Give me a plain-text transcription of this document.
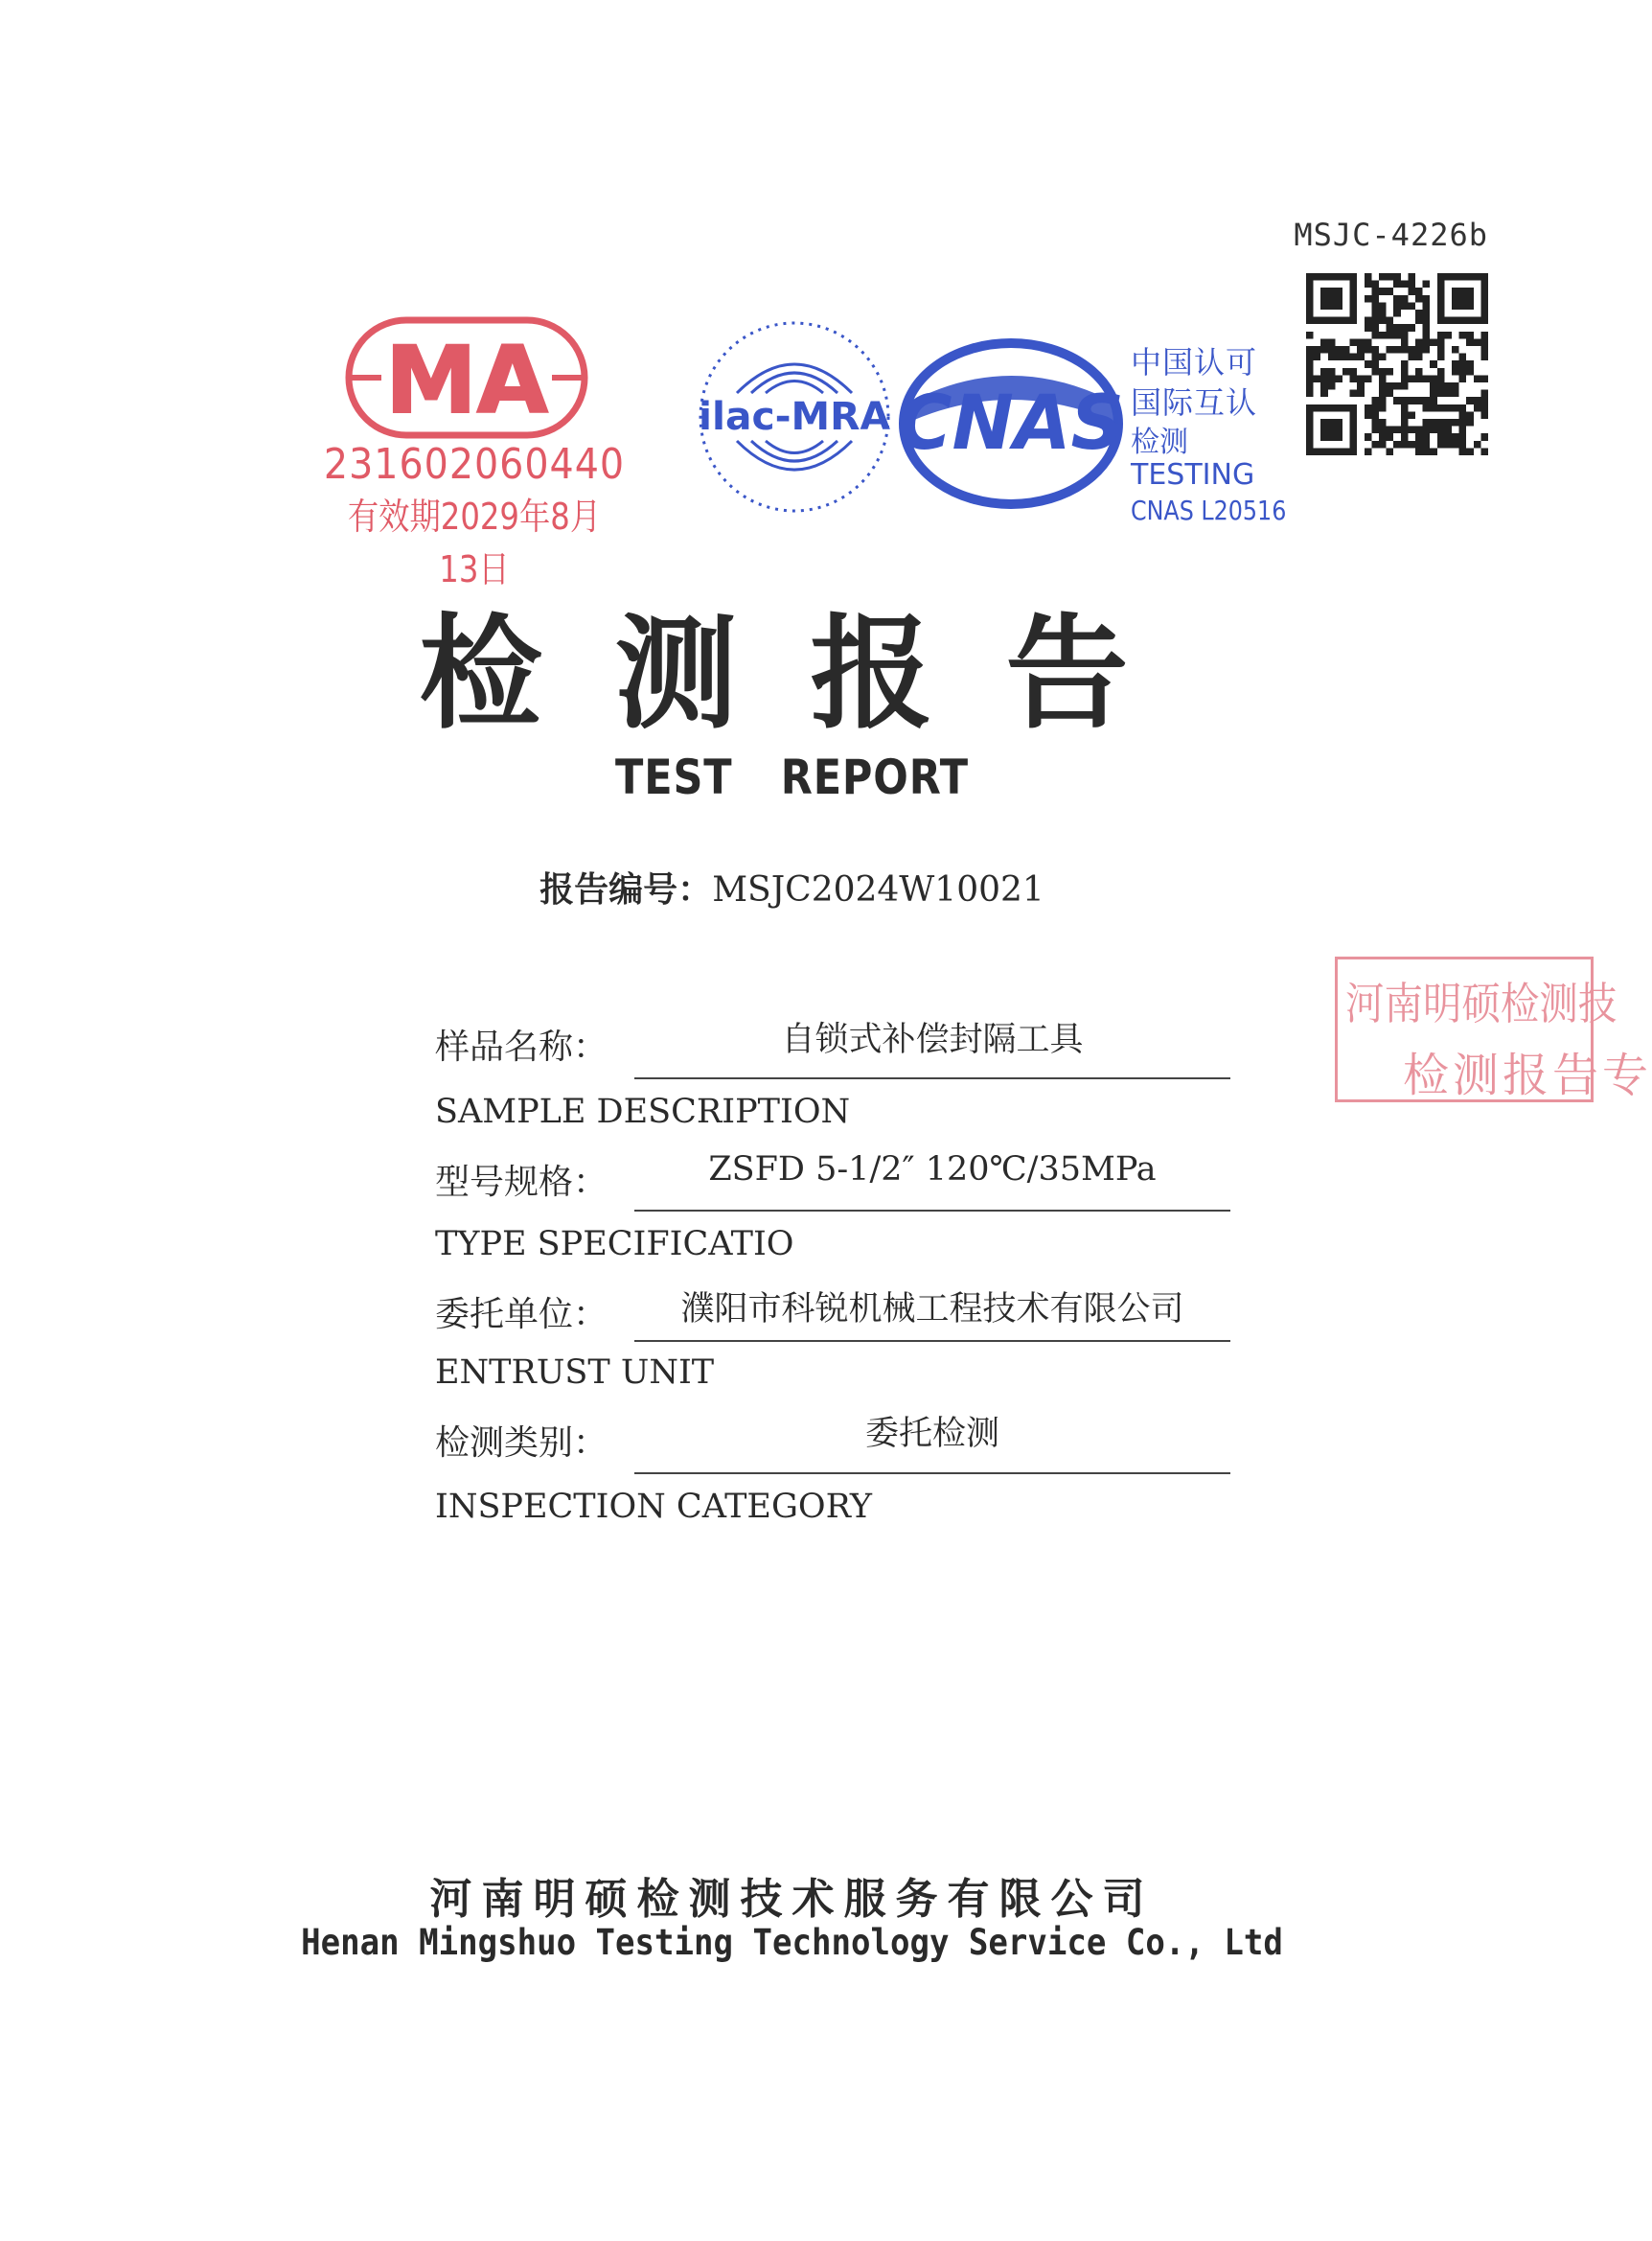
MSJC-4226b
MA
231602060440
有效期2029年8月13日
ilac-MRA CNAS
中国认可
国际互认
检测
TESTING
CNAS L20516
检测报告
TEST REPORT
报告编号：MSJC2024W10021
河南明硕检测技
检测报告专
样品名称：	自锁式补偿封隔工具
SAMPLE DESCRIPTION
型号规格：	ZSFD 5-1/2″ 120℃/35MPa
TYPE SPECIFICATIO
委托单位：	濮阳市科锐机械工程技术有限公司
ENTRUST UNIT
检测类别：	委托检测
INSPECTION CATEGORY
河南明硕检测技术服务有限公司
Henan Mingshuo Testing Technology Service Co., Ltd
